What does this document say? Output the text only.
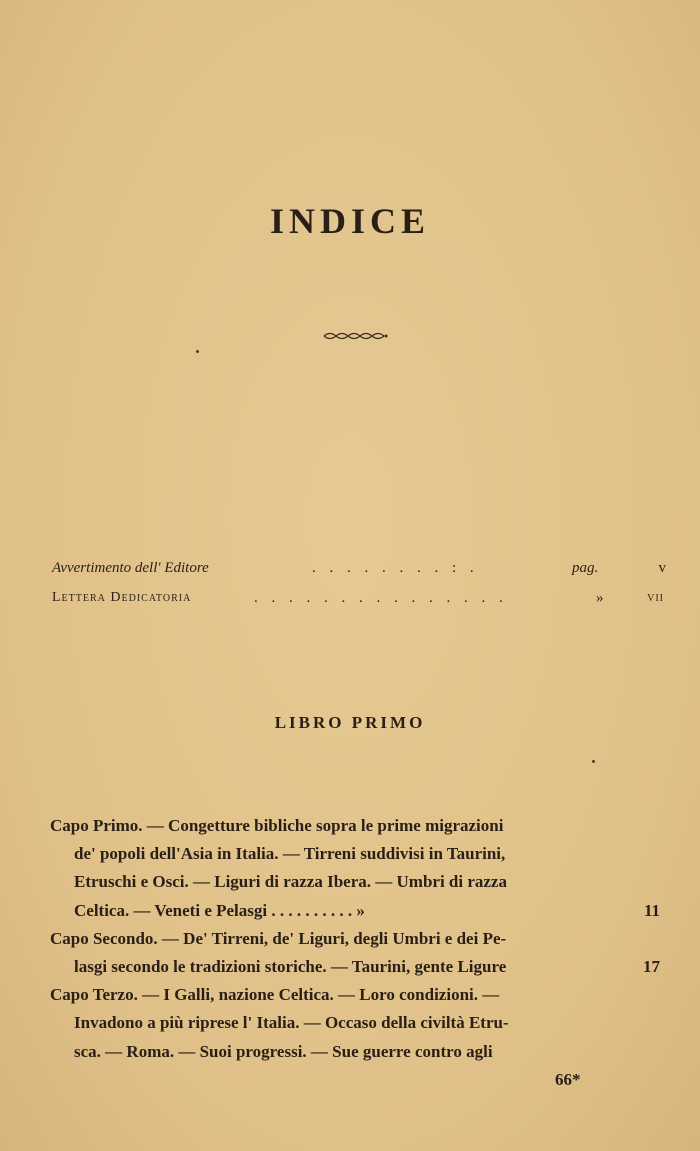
INDICE
Avvertimento dell' Editore	. . . . . . . . : .	pag.	v
Lettera Dedicatoria	. . . . . . . . . . . . . . .	»	vii
LIBRO PRIMO
Capo Primo. — Congetture bibliche sopra le prime migrazioni
de' popoli dell'Asia in Italia. — Tirreni suddivisi in Taurini,
Etruschi e Osci. — Liguri di razza Ibera. — Umbri di razza
Celtica. — Veneti e Pelasgi . . . . . . . . . . »	11
Capo Secondo. — De' Tirreni, de' Liguri, degli Umbri e dei Pe-
lasgi secondo le tradizioni storiche. — Taurini, gente Ligure	17
Capo Terzo. — I Galli, nazione Celtica. — Loro condizioni. —
Invadono a più riprese l' Italia. — Occaso della civiltà Etru-
sca. — Roma. — Suoi progressi. — Sue guerre contro agli
66*
